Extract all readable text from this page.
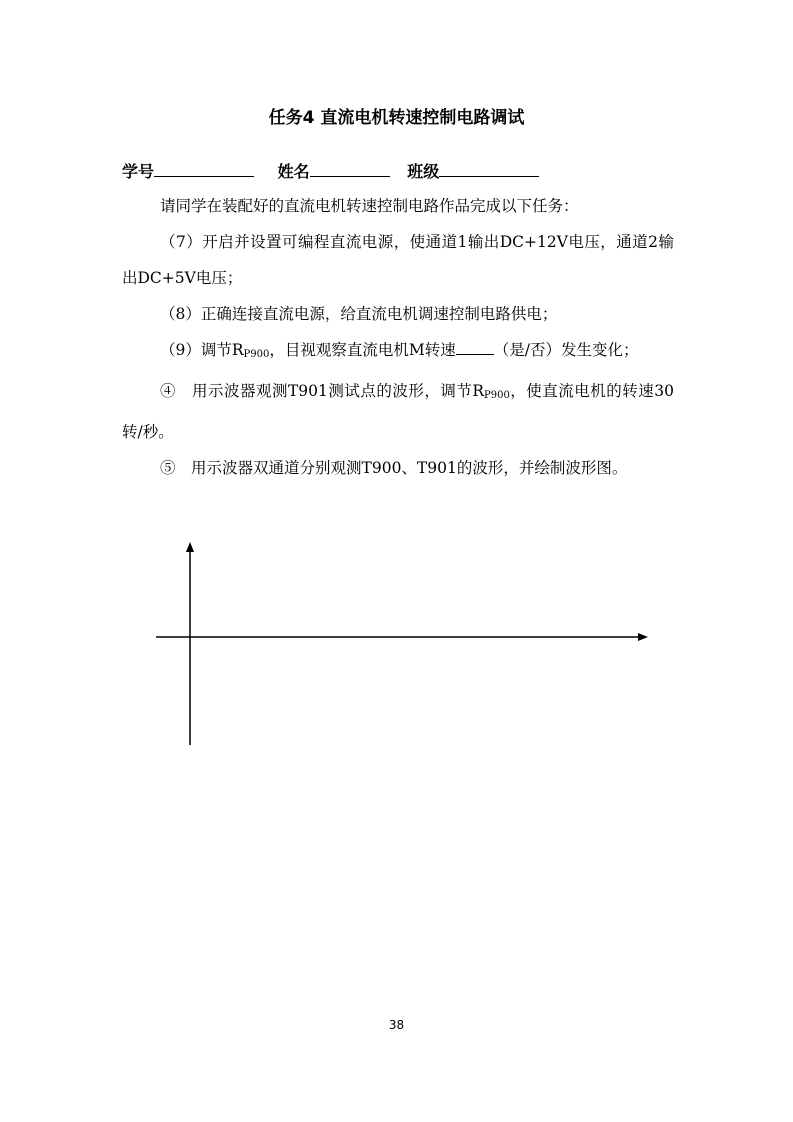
任务4 直流电机转速控制电路调试
学号	姓名	班级

请同学在装配好的直流电机转速控制电路作品完成以下任务：

（7）开启并设置可编程直流电源，使通道1输出DC+12V电压，通道2输出DC+5V电压；

（8）正确连接直流电源，给直流电机调速控制电路供电；

（9）调节$R_{P900}$，目视观察直流电机M转速 （是/否）发生变化；

④　用示波器观测T901测试点的波形，调节$R_{P900}$，使直流电机的转速30转/秒。

⑤　用示波器双通道分别观测T900、T901的波形，并绘制波形图。

38
